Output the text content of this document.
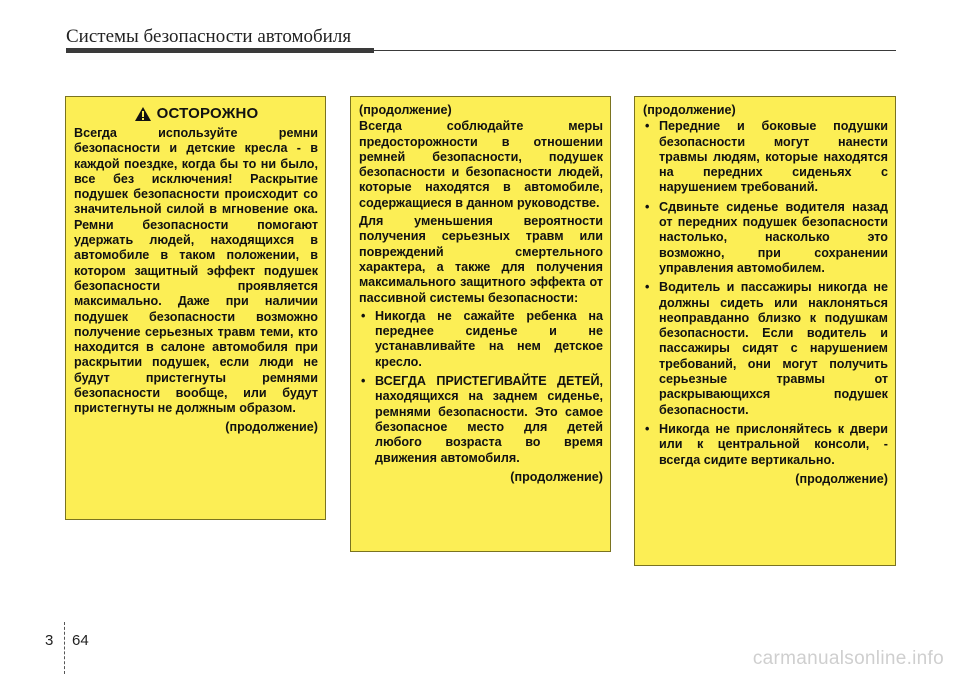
Системы безопасности автомобиля
ОСТОРОЖНО

Всегда используйте ремни безопасности и детские кресла - в каждой поездке, когда бы то ни было, все без исключения! Раскрытие подушек безопасности происходит со значительной силой в мгновение ока. Ремни безопасности помогают удержать людей, находящихся в автомобиле в таком положении, в котором защитный эффект подушек безопасности проявляется максимально. Даже при наличии подушек безопасности возможно получение серьезных травм теми, кто находится в салоне автомобиля при раскрытии подушек, если люди не будут пристегнуты ремнями безопасности вообще, или будут пристегнуты не должным образом.

(продолжение)
(продолжение)

Всегда соблюдайте меры предосторожности в отношении ремней безопасности, подушек безопасности и безопасности людей, которые находятся в автомобиле, содержащиеся в данном руководстве.

Для уменьшения вероятности получения серьезных травм или повреждений смертельного характера, а также для получения максимального защитного эффекта от пассивной системы безопасности:

• Никогда не сажайте ребенка на переднее сиденье и не устанавливайте на нем детское кресло.
• ВСЕГДА ПРИСТЕГИВАЙТЕ ДЕТЕЙ, находящихся на заднем сиденье, ремнями безопасности. Это самое безопасное место для детей любого возраста во время движения автомобиля.
(продолжение)
(продолжение)
• Передние и боковые подушки безопасности могут нанести травмы людям, которые находятся на передних сиденьях с нарушением требований.
• Сдвиньте сиденье водителя назад от передних подушек безопасности настолько, насколько это возможно, при сохранении управления автомобилем.
• Водитель и пассажиры никогда не должны сидеть или наклоняться неоправданно близко к подушкам безопасности. Если водитель и пассажиры сидят с нарушением требований, они могут получить серьезные травмы от раскрывающихся подушек безопасности.
• Никогда не прислоняйтесь к двери или к центральной консоли, - всегда сидите вертикально.
(продолжение)
3 64
carmanualsonline.info
